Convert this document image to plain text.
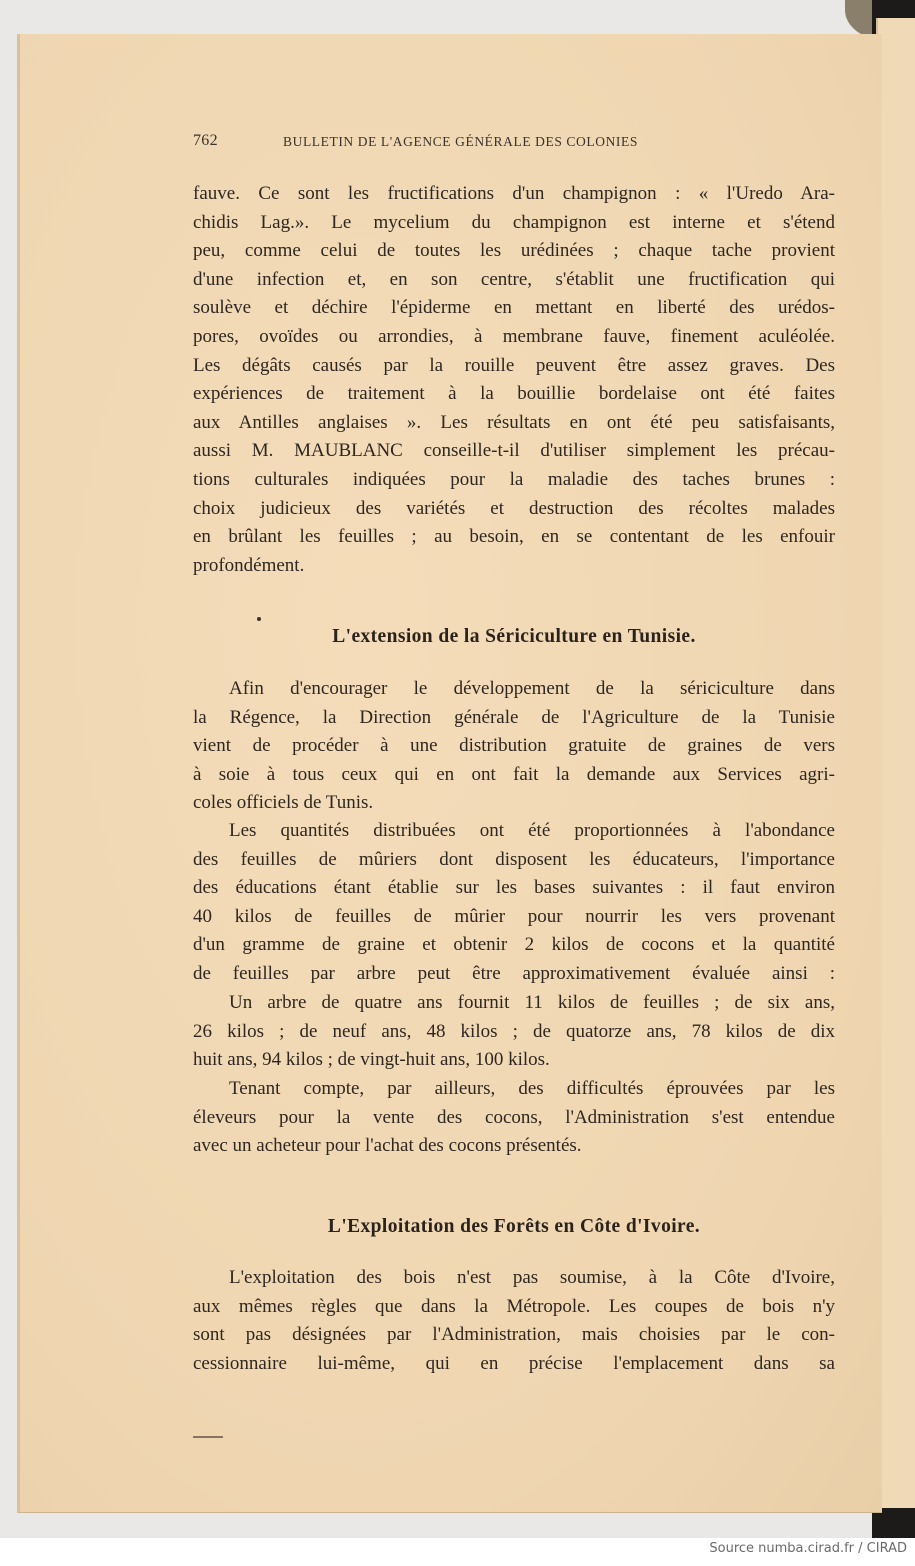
762	BULLETIN DE L'AGENCE GÉNÉRALE DES COLONIES
fauve. Ce sont les fructifications d'un champignon : « l'Uredo Ara-
chidis Lag.». Le mycelium du champignon est interne et s'étend
peu, comme celui de toutes les urédinées ; chaque tache provient
d'une infection et, en son centre, s'établit une fructification qui
soulève et déchire l'épiderme en mettant en liberté des urédos-
pores, ovoïdes ou arrondies, à membrane fauve, finement aculéolée.
Les dégâts causés par la rouille peuvent être assez graves. Des
expériences de traitement à la bouillie bordelaise ont été faites
aux Antilles anglaises ». Les résultats en ont été peu satisfaisants,
aussi M. MAUBLANC conseille-t-il d'utiliser simplement les précau-
tions culturales indiquées pour la maladie des taches brunes :
choix judicieux des variétés et destruction des récoltes malades
en brûlant les feuilles ; au besoin, en se contentant de les enfouir
profondément.
L'extension de la Sériciculture en Tunisie.
Afin d'encourager le développement de la sériciculture dans
la Régence, la Direction générale de l'Agriculture de la Tunisie
vient de procéder à une distribution gratuite de graines de vers
à soie à tous ceux qui en ont fait la demande aux Services agri-
coles officiels de Tunis.
Les quantités distribuées ont été proportionnées à l'abondance
des feuilles de mûriers dont disposent les éducateurs, l'importance
des éducations étant établie sur les bases suivantes : il faut environ
40 kilos de feuilles de mûrier pour nourrir les vers provenant
d'un gramme de graine et obtenir 2 kilos de cocons et la quantité
de feuilles par arbre peut être approximativement évaluée ainsi :
Un arbre de quatre ans fournit 11 kilos de feuilles ; de six ans,
26 kilos ; de neuf ans, 48 kilos ; de quatorze ans, 78 kilos de dix
huit ans, 94 kilos ; de vingt-huit ans, 100 kilos.
Tenant compte, par ailleurs, des difficultés éprouvées par les
éleveurs pour la vente des cocons, l'Administration s'est entendue
avec un acheteur pour l'achat des cocons présentés.
L'Exploitation des Forêts en Côte d'Ivoire.
L'exploitation des bois n'est pas soumise, à la Côte d'Ivoire,
aux mêmes règles que dans la Métropole. Les coupes de bois n'y
sont pas désignées par l'Administration, mais choisies par le con-
cessionnaire lui-même, qui en précise l'emplacement dans sa
Source numba.cirad.fr / CIRAD
